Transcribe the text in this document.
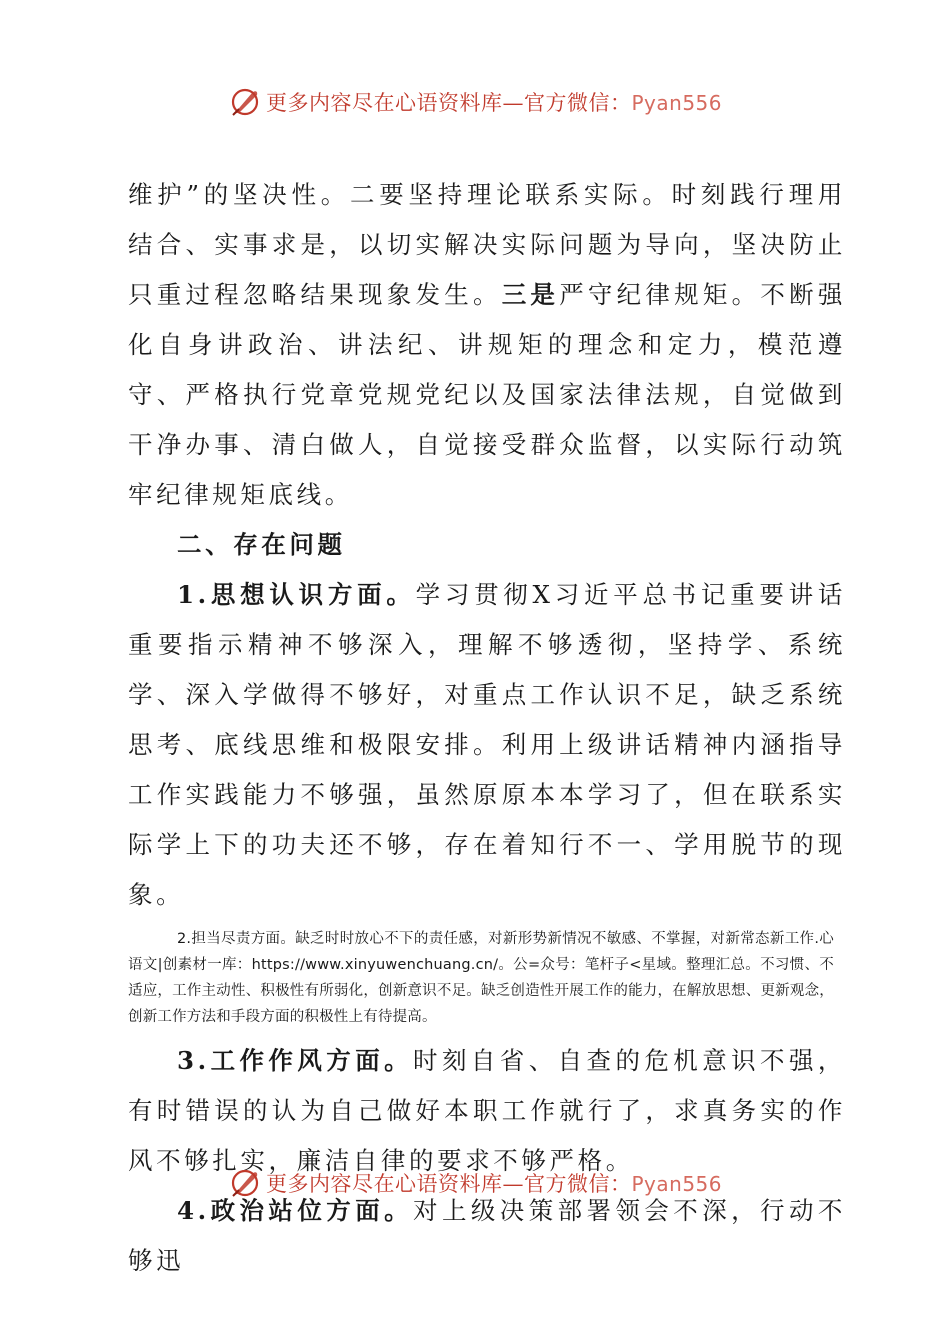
更多内容尽在心语资料库—官方微信：Pyan556

维护”的坚决性。二要坚持理论联系实际。时刻践行理用结合、实事求是，以切实解决实际问题为导向，坚决防止只重过程忽略结果现象发生。三是严守纪律规矩。不断强化自身讲政治、讲法纪、讲规矩的理念和定力，模范遵守、严格执行党章党规党纪以及国家法律法规，自觉做到干净办事、清白做人，自觉接受群众监督，以实际行动筑牢纪律规矩底线。

二、存在问题

1.思想认识方面。学习贯彻X习近平总书记重要讲话重要指示精神不够深入，理解不够透彻，坚持学、系统学、深入学做得不够好，对重点工作认识不足，缺乏系统思考、底线思维和极限安排。利用上级讲话精神内涵指导工作实践能力不够强，虽然原原本本学习了，但在联系实际学上下的功夫还不够，存在着知行不一、学用脱节的现象。

2.担当尽责方面。缺乏时时放心不下的责任感，对新形势新情况不敏感、不掌握，对新常态新工作.心语文|创素材一库：https://www.xinyuwenchuang.cn/。公=众号：笔杆子<星域。整理汇总。不习惯、不适应，工作主动性、积极性有所弱化，创新意识不足。缺乏创造性开展工作的能力，在解放思想、更新观念，创新工作方法和手段方面的积极性上有待提高。

3.工作作风方面。时刻自省、自查的危机意识不强，有时错误的认为自己做好本职工作就行了，求真务实的作风不够扎实，廉洁自律的要求不够严格。

4.政治站位方面。对上级决策部署领会不深，行动不够迅

更多内容尽在心语资料库—官方微信：Pyan556
